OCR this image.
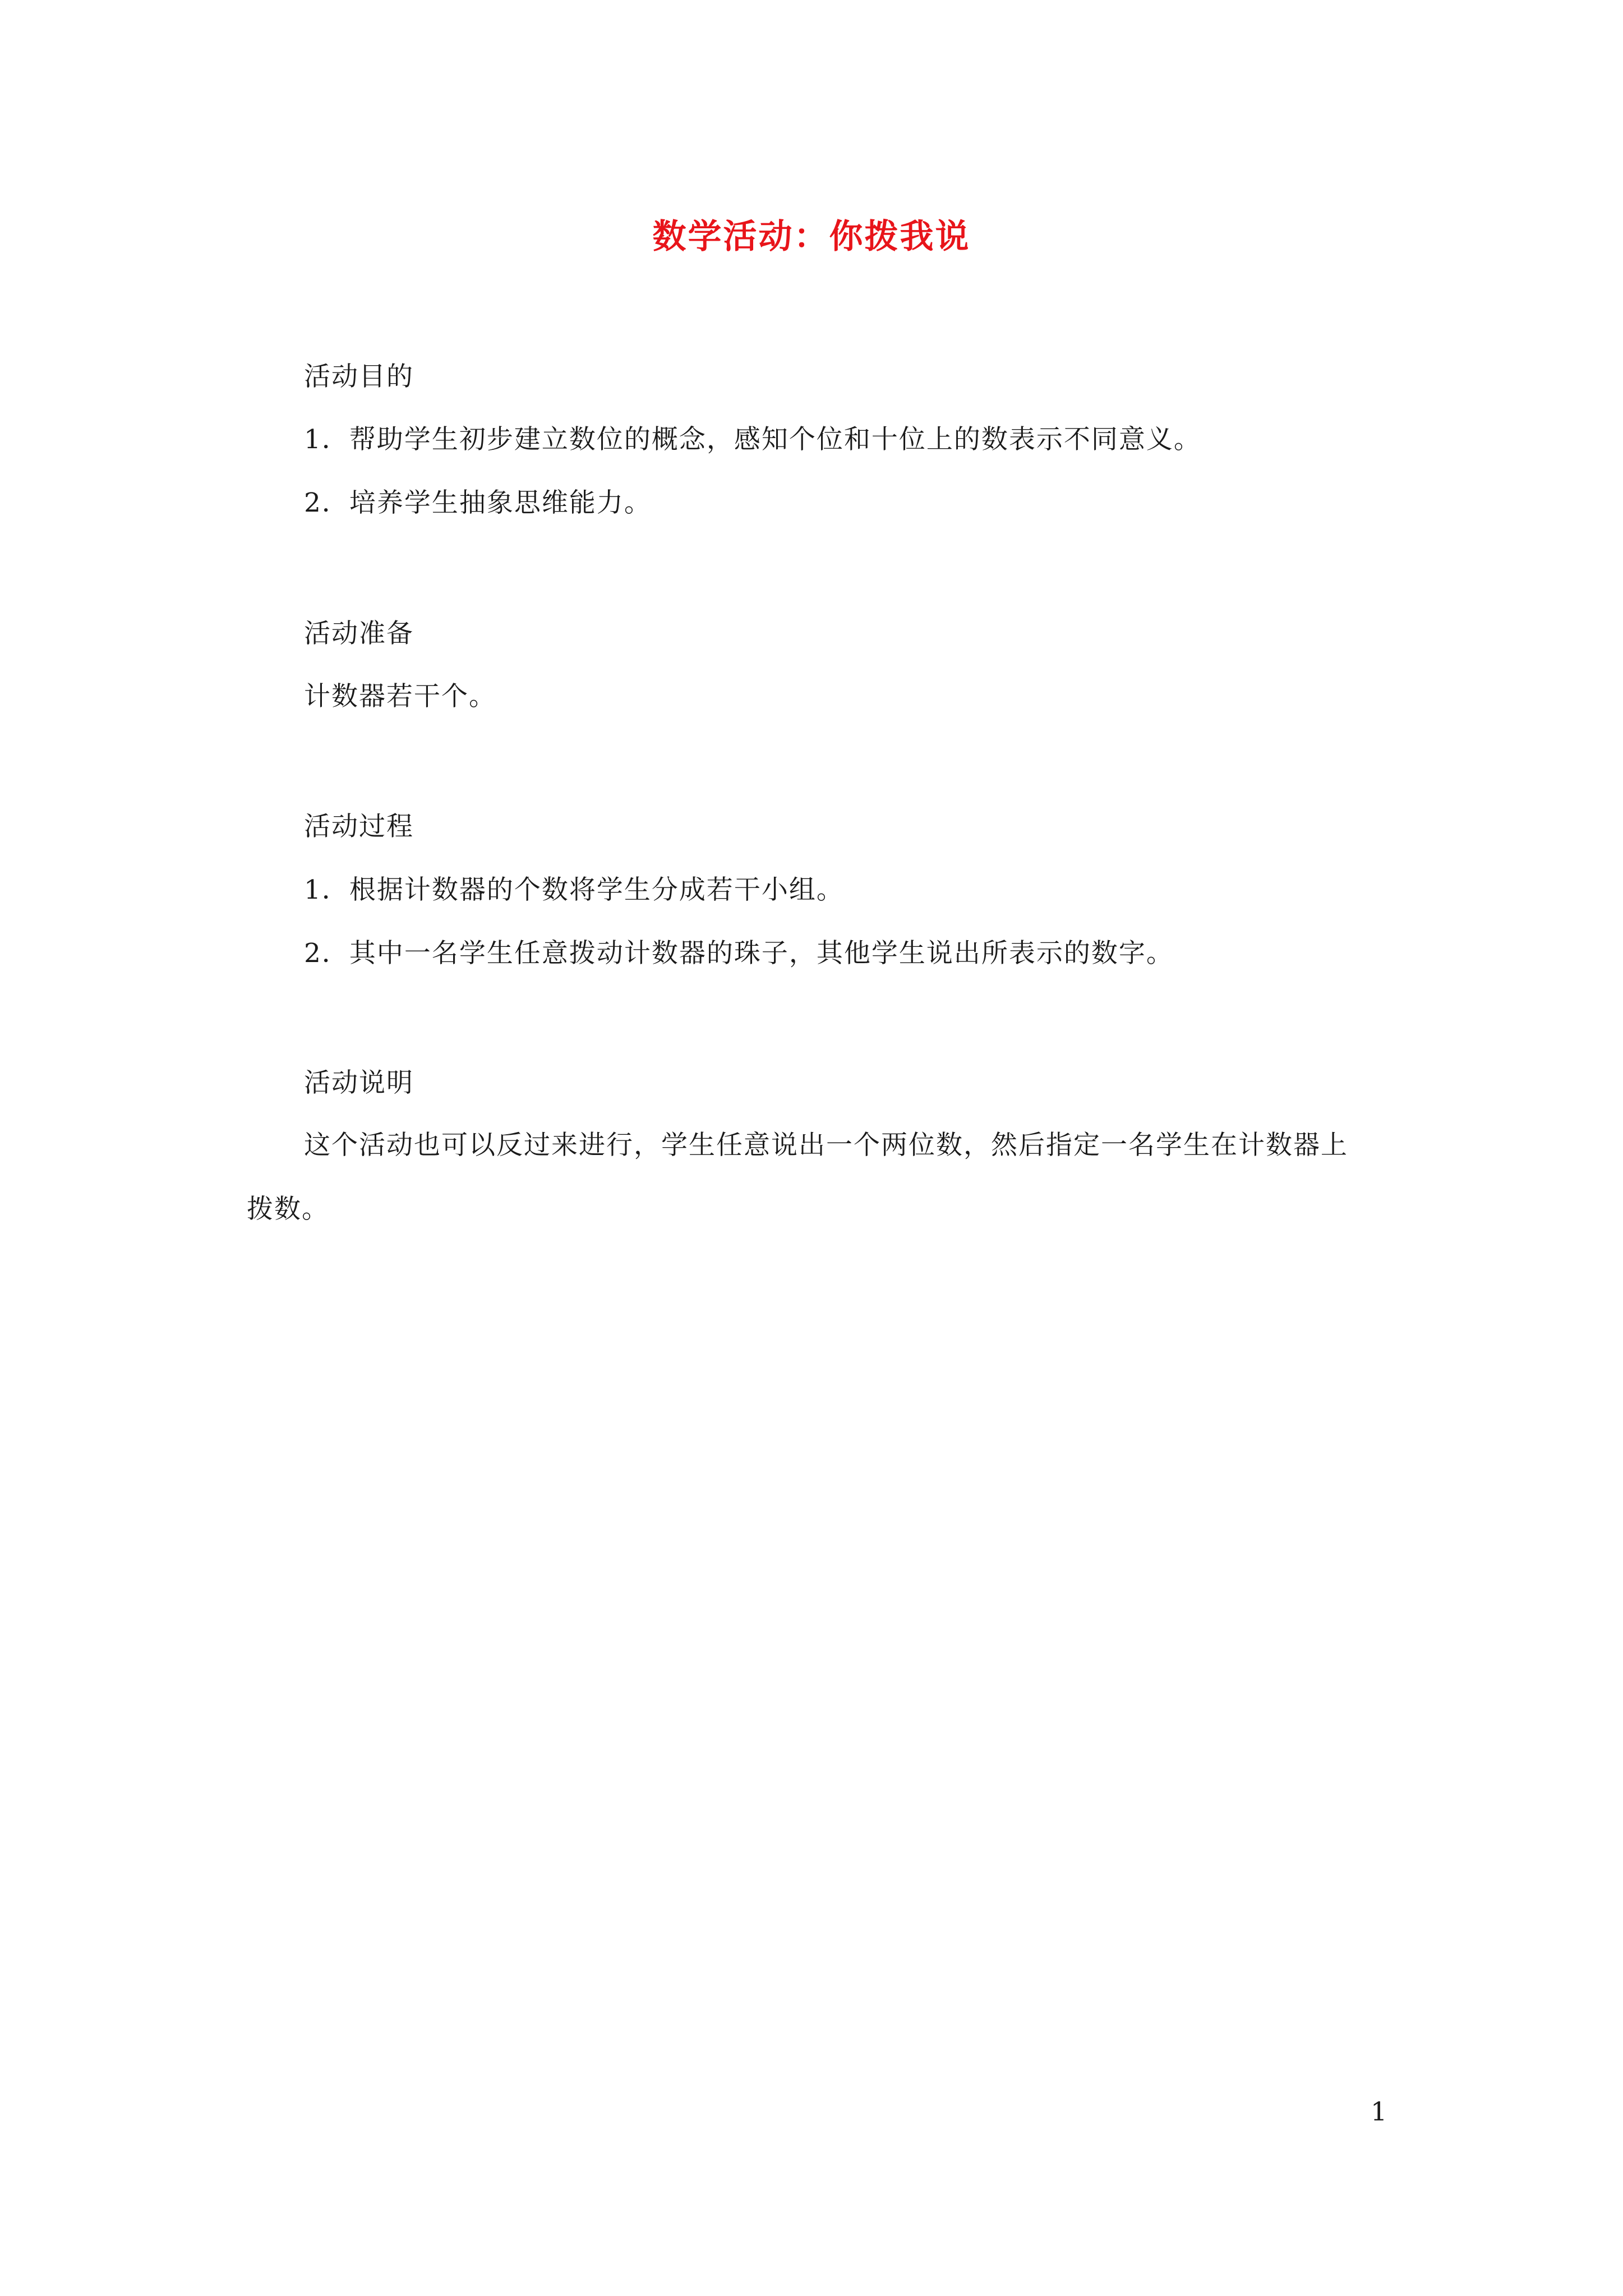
数学活动：你拨我说
活动目的
1．帮助学生初步建立数位的概念，感知个位和十位上的数表示不同意义。
2．培养学生抽象思维能力。
活动准备
计数器若干个。
活动过程
1．根据计数器的个数将学生分成若干小组。
2．其中一名学生任意拨动计数器的珠子，其他学生说出所表示的数字。
活动说明
这个活动也可以反过来进行，学生任意说出一个两位数，然后指定一名学生在计数器上
拨数。
1
